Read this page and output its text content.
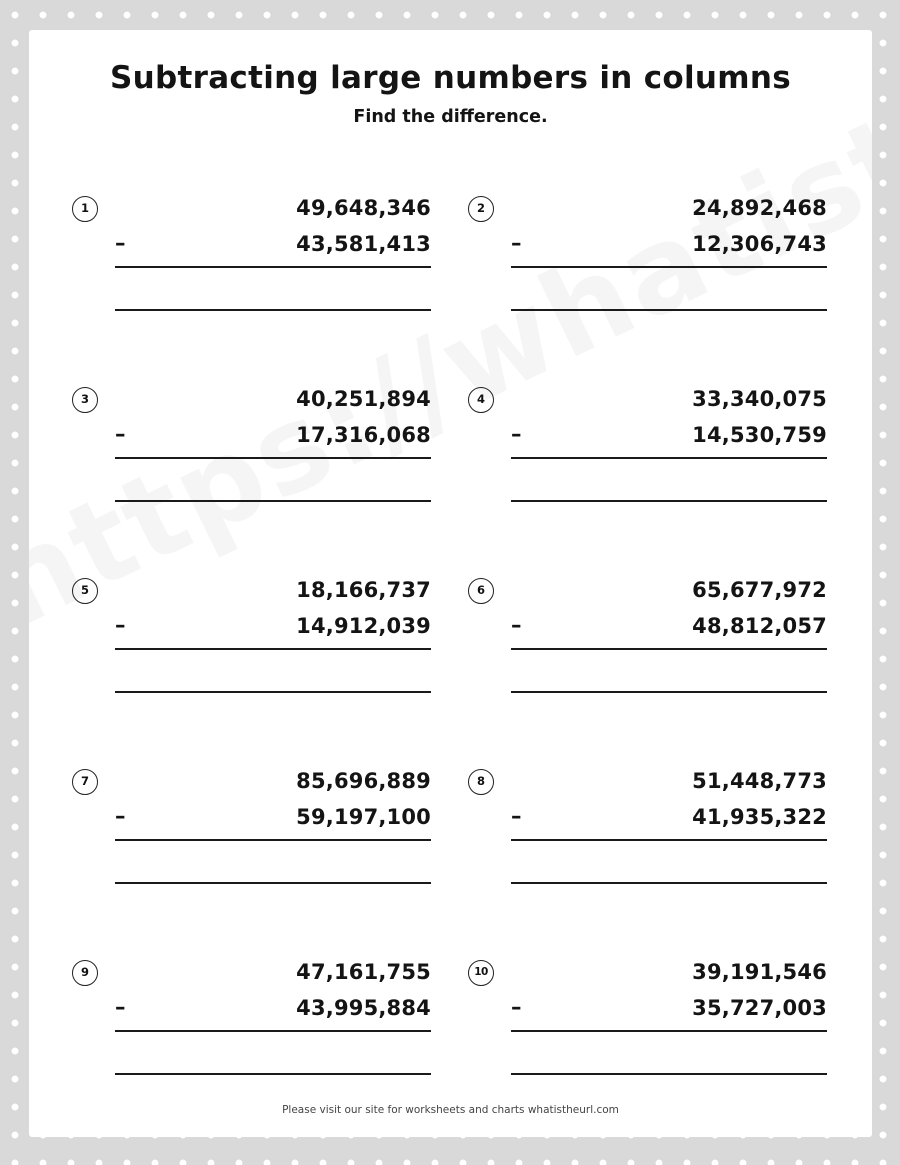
Subtracting large numbers in columns
Find the difference.
1	49,648,346
–	43,581,413
2	24,892,468
–	12,306,743
3	40,251,894
–	17,316,068
4	33,340,075
–	14,530,759
5	18,166,737
–	14,912,039
6	65,677,972
–	48,812,057
7	85,696,889
–	59,197,100
8	51,448,773
–	41,935,322
9	47,161,755
–	43,995,884
10	39,191,546
–	35,727,003
Please visit our site for worksheets and charts whatistheurl.com
